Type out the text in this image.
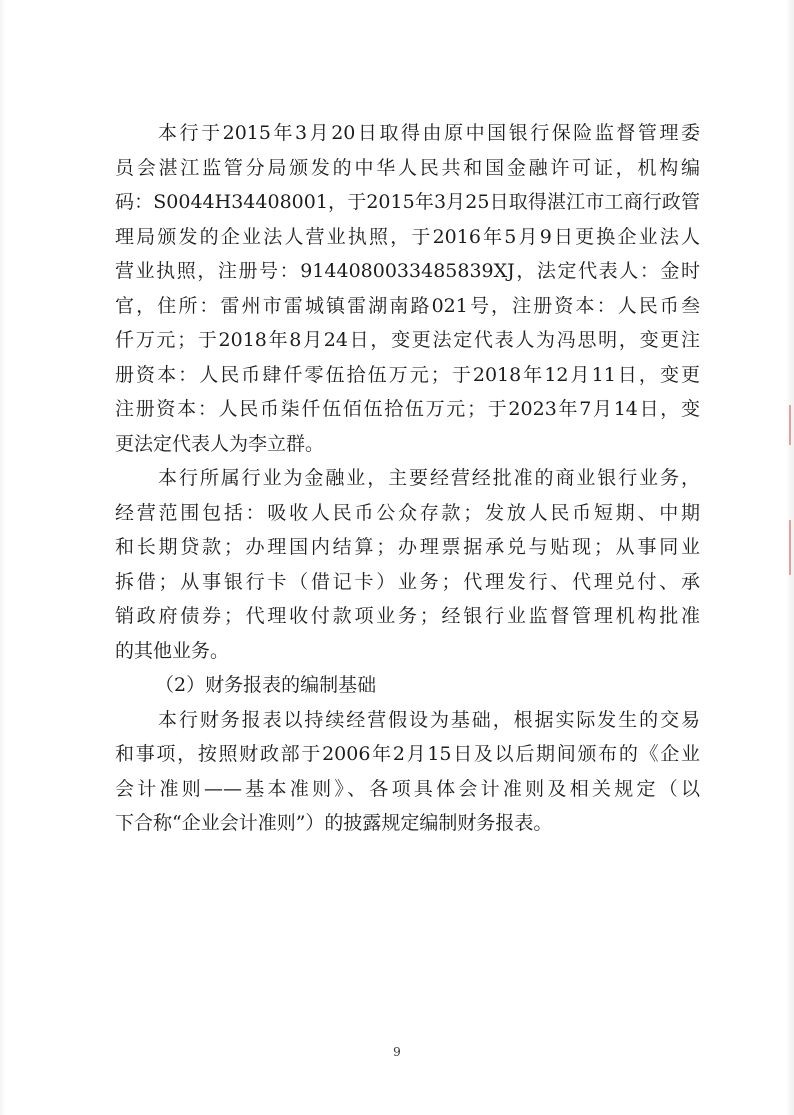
本行于2015年3月20日取得由原中国银行保险监督管理委
员会湛江监管分局颁发的中华人民共和国金融许可证，机构编
码：S0044H34408001，于2015年3月25日取得湛江市工商行政管
理局颁发的企业法人营业执照，于2016年5月9日更换企业法人
营业执照，注册号：9144080033485839XJ，法定代表人：金时
官，住所：雷州市雷城镇雷湖南路021号，注册资本：人民币叁
仟万元；于2018年8月24日，变更法定代表人为冯思明，变更注
册资本：人民币肆仟零伍拾伍万元；于2018年12月11日，变更
注册资本：人民币柒仟伍佰伍拾伍万元；于2023年7月14日，变
更法定代表人为李立群。
本行所属行业为金融业，主要经营经批准的商业银行业务，
经营范围包括：吸收人民币公众存款；发放人民币短期、中期
和长期贷款；办理国内结算；办理票据承兑与贴现；从事同业
拆借；从事银行卡（借记卡）业务；代理发行、代理兑付、承
销政府债券；代理收付款项业务；经银行业监督管理机构批准
的其他业务。
（2）财务报表的编制基础
本行财务报表以持续经营假设为基础，根据实际发生的交易
和事项，按照财政部于2006年2月15日及以后期间颁布的《企业
会计准则——基本准则》、各项具体会计准则及相关规定（以
下合称“企业会计准则”）的披露规定编制财务报表。
9
